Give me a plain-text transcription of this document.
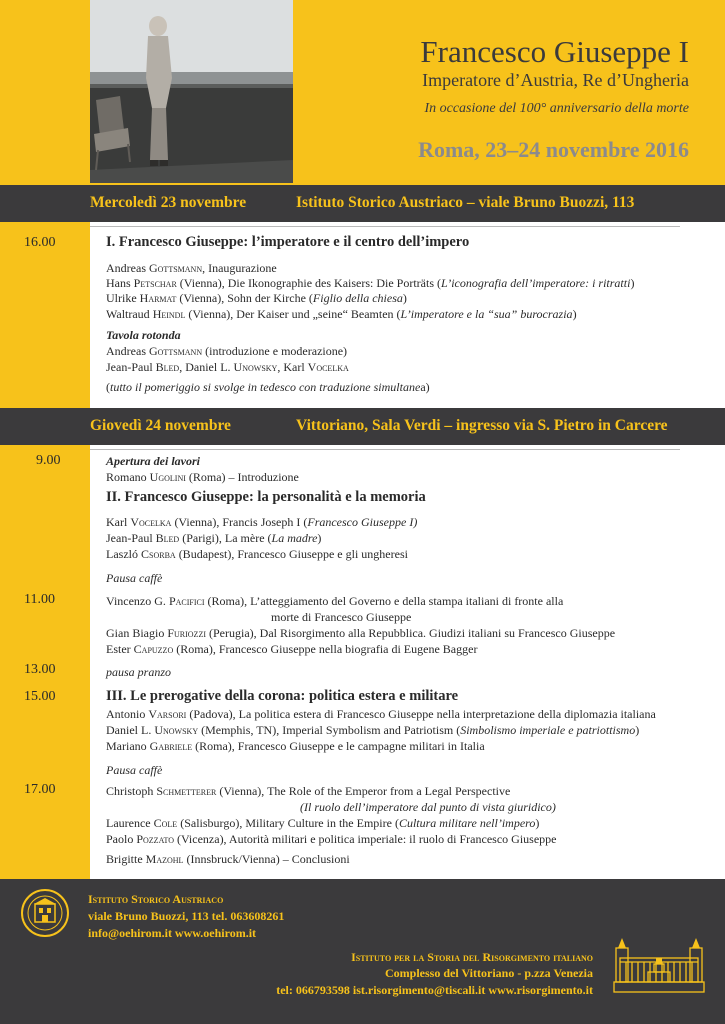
Francesco Giuseppe I
Imperatore d’Austria, Re d’Ungheria
In occasione del 100° anniversario della morte
Roma, 23–24 novembre 2016
Mercoledì 23 novembre	Istituto Storico Austriaco – viale Bruno Buozzi, 113
16.00	I. Francesco Giuseppe: l’imperatore e il centro dell’impero
Andreas Gottsmann, Inaugurazione
Hans Petschar (Vienna), Die Ikonographie des Kaisers: Die Porträts (L’iconografia dell’imperatore: i ritratti)
Ulrike Harmat (Vienna), Sohn der Kirche (Figlio della chiesa)
Waltraud Heindl (Vienna), Der Kaiser und „seine“ Beamten (L’imperatore e la “sua” burocrazia)
Tavola rotonda
Andreas Gottsmann (introduzione e moderazione)
Jean-Paul Bled, Daniel L. Unowsky, Karl Vocelka
(tutto il pomeriggio si svolge in tedesco con traduzione simultanea)
Giovedì 24 novembre	Vittoriano, Sala Verdi – ingresso via S. Pietro in Carcere
9.00	Apertura dei lavori
Romano Ugolini (Roma) – Introduzione
II. Francesco Giuseppe: la personalità e la memoria
Karl Vocelka (Vienna), Francis Joseph I (Francesco Giuseppe I)
Jean-Paul Bled (Parigi), La mère (La madre)
Laszló Csorba (Budapest), Francesco Giuseppe e gli ungheresi
Pausa caffè
11.00	Vincenzo G. Pacifici (Roma), L’atteggiamento del Governo e della stampa italiani di fronte alla
morte di Francesco Giuseppe
Gian Biagio Furiozzi (Perugia), Dal Risorgimento alla Repubblica. Giudizi italiani su Francesco Giuseppe
Ester Capuzzo (Roma), Francesco Giuseppe nella biografia di Eugene Bagger
13.00	pausa pranzo
15.00	III. Le prerogative della corona: politica estera e militare
Antonio Varsori (Padova), La politica estera di Francesco Giuseppe nella interpretazione della diplomazia italiana
Daniel L. Unowsky (Memphis, TN), Imperial Symbolism and Patriotism (Simbolismo imperiale e patriottismo)
Mariano Gabriele (Roma), Francesco Giuseppe e le campagne militari in Italia
Pausa caffè
17.00	Christoph Schmetterer (Vienna), The Role of the Emperor from a Legal Perspective
(Il ruolo dell’imperatore dal punto di vista giuridico)
Laurence Cole (Salisburgo), Military Culture in the Empire (Cultura militare nell’impero)
Paolo Pozzato (Vicenza), Autorità militari e politica imperiale: il ruolo di Francesco Giuseppe
Brigitte Mazohl (Innsbruck/Vienna) – Conclusioni
Istituto Storico Austriaco
viale Bruno Buozzi, 113 tel. 063608261
info@oehirom.it www.oehirom.it
Istituto per la Storia del Risorgimento italiano
Complesso del Vittoriano - p.zza Venezia
tel: 066793598 ist.risorgimento@tiscali.it www.risorgimento.it
